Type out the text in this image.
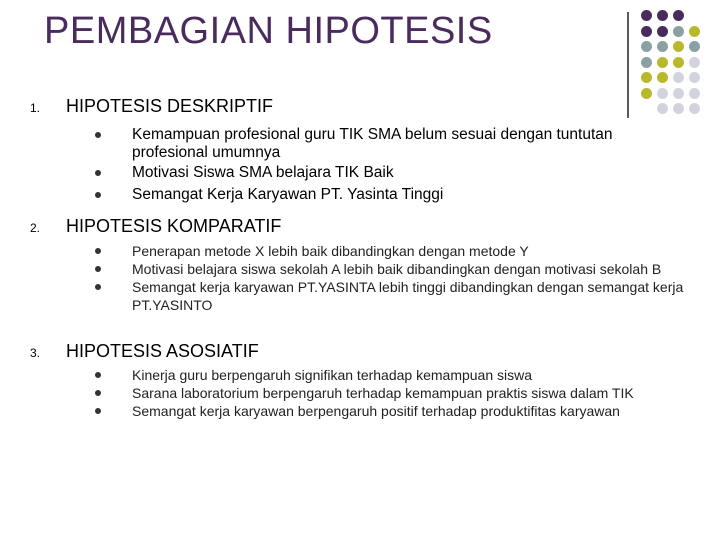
PEMBAGIAN HIPOTESIS
1.	HIPOTESIS DESKRIPTIF
Kemampuan profesional guru TIK SMA belum sesuai dengan tuntutan profesional umumnya
Motivasi Siswa SMA belajara TIK Baik
Semangat Kerja Karyawan PT. Yasinta Tinggi
2.	HIPOTESIS KOMPARATIF
Penerapan metode X lebih baik dibandingkan dengan metode Y
Motivasi belajara siswa sekolah A lebih baik dibandingkan dengan motivasi sekolah B
Semangat kerja karyawan PT.YASINTA lebih tinggi dibandingkan dengan semangat kerja PT.YASINTO
3.	HIPOTESIS ASOSIATIF
Kinerja guru berpengaruh signifikan terhadap kemampuan siswa
Sarana laboratorium berpengaruh terhadap kemampuan praktis siswa dalam TIK
Semangat kerja karyawan berpengaruh positif terhadap produktifitas karyawan
